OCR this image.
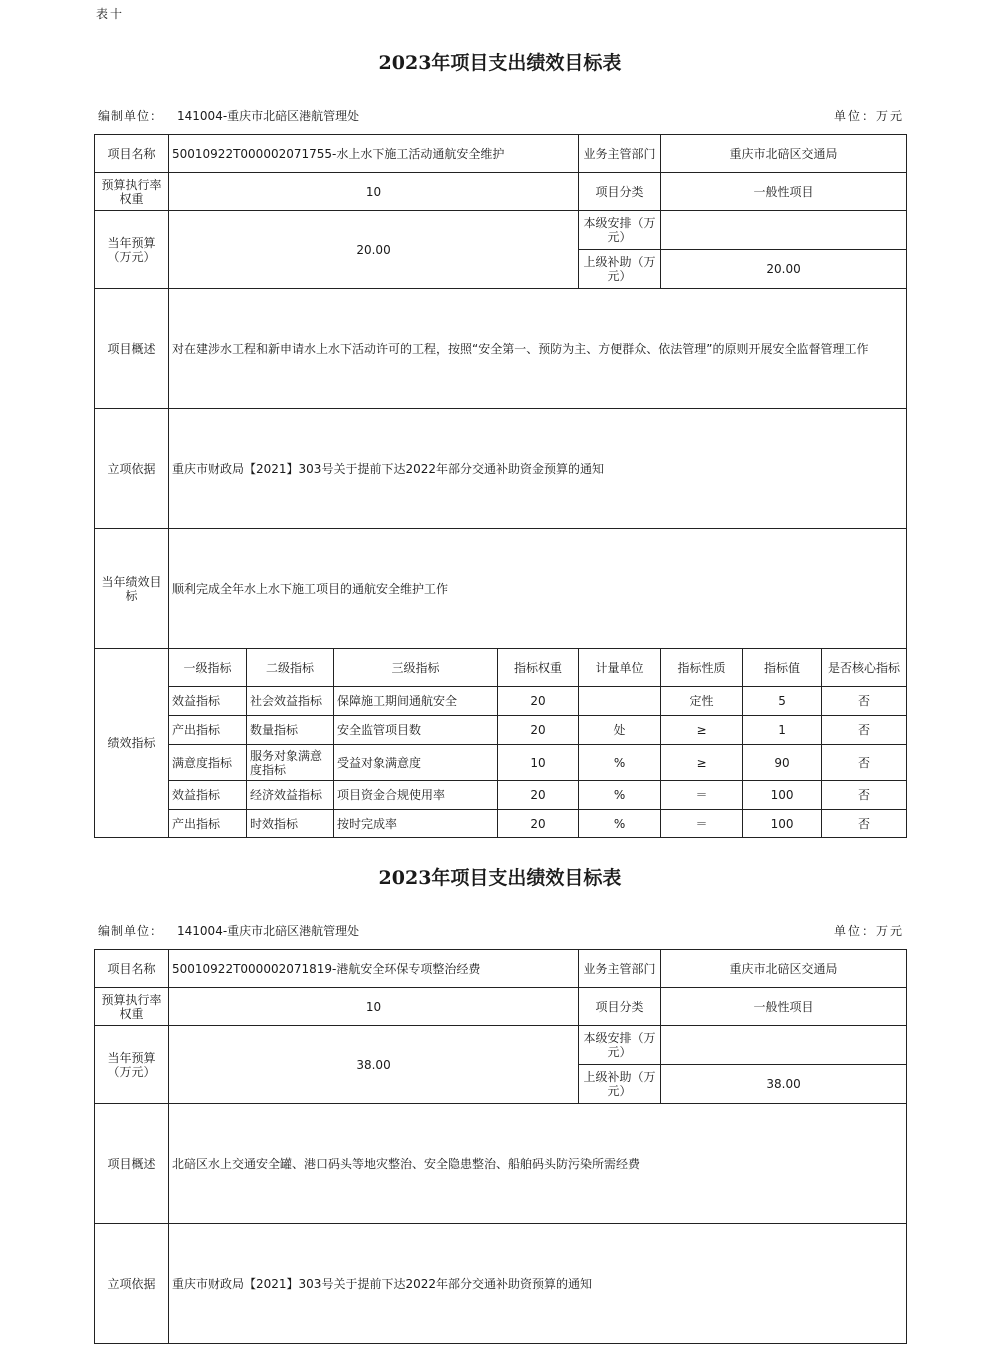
表十
2023年项目支出绩效目标表
编制单位： 141004-重庆市北碚区港航管理处	单位：万元
项目名称	50010922T000002071755-水上水下施工活动通航安全维护				业务主管部门	重庆市北碚区交通局		
预算执行率权重	10				项目分类	一般性项目		
当年预算（万元）	20.00				本级安排（万元）			
					上级补助（万元）	20.00		
项目概述	对在建涉水工程和新申请水上水下活动许可的工程，按照“安全第一、预防为主、方便群众、依法管理”的原则开展安全监督管理工作							
立项依据	重庆市财政局【2021】303号关于提前下达2022年部分交通补助资金预算的通知							
当年绩效目标	顺利完成全年水上水下施工项目的通航安全维护工作							
绩效指标	一级指标	二级指标	三级指标	指标权重	计量单位	指标性质	指标值	是否核心指标
	效益指标	社会效益指标	保障施工期间通航安全	20		定性	5	否
	产出指标	数量指标	安全监管项目数	20	处	≥	1	否
	满意度指标	服务对象满意度指标	受益对象满意度	10	%	≥	90	否
	效益指标	经济效益指标	项目资金合规使用率	20	%	＝	100	否
	产出指标	时效指标	按时完成率	20	%	＝	100	否
2023年项目支出绩效目标表
编制单位： 141004-重庆市北碚区港航管理处	单位：万元
项目名称	50010922T000002071819-港航安全环保专项整治经费	业务主管部门	重庆市北碚区交通局
预算执行率权重	10	项目分类	一般性项目
当年预算（万元）	38.00	本级安排（万元）	
		上级补助（万元）	38.00
项目概述	北碚区水上交通安全罐、港口码头等地灾整治、安全隐患整治、船舶码头防污染所需经费		
立项依据	重庆市财政局【2021】303号关于提前下达2022年部分交通补助资预算的通知		
